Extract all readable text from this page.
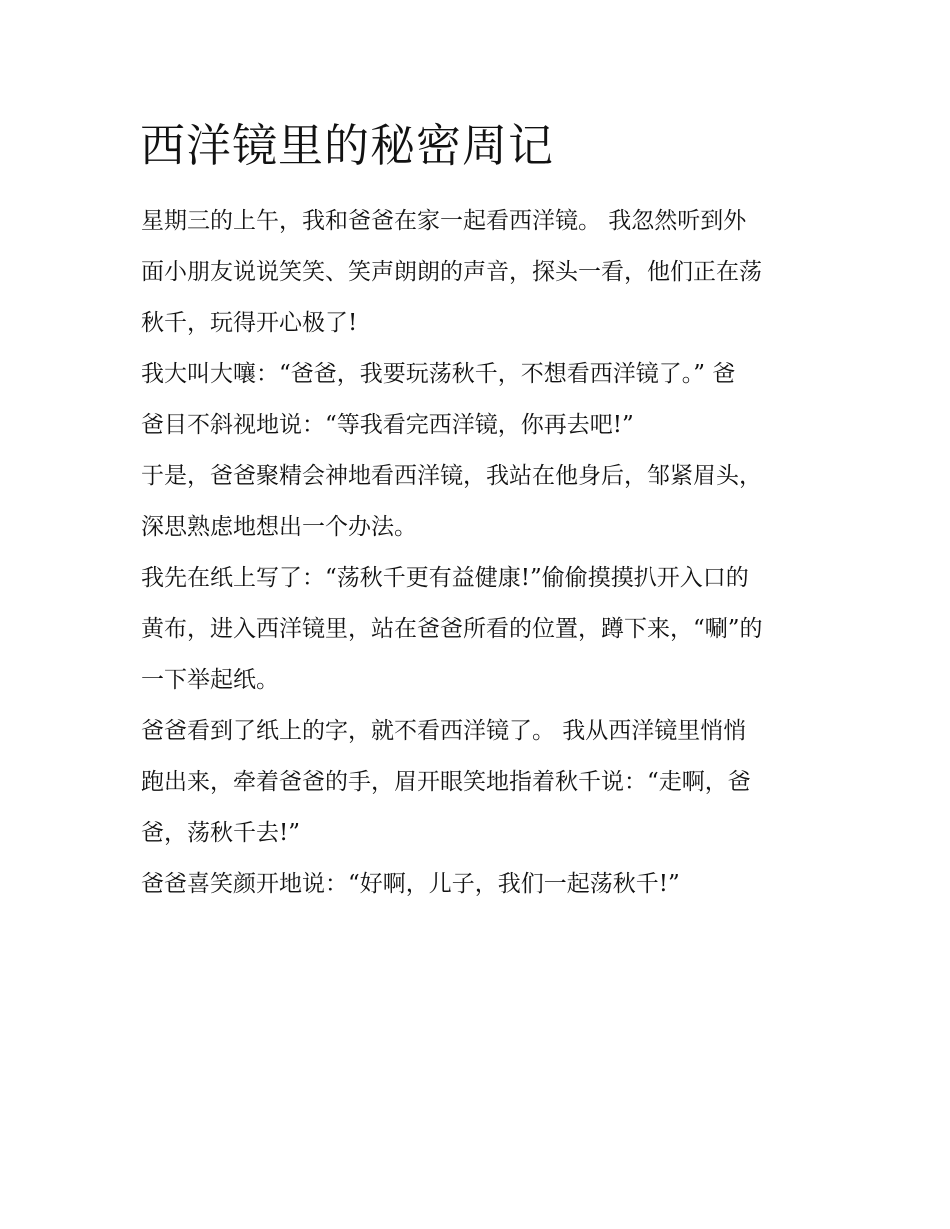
西洋镜里的秘密周记
星期三的上午，我和爸爸在家一起看西洋镜。 我忽然听到外
面小朋友说说笑笑、笑声朗朗的声音，探头一看，他们正在荡
秋千，玩得开心极了!
我大叫大嚷：“爸爸，我要玩荡秋千，不想看西洋镜了。” 爸
爸目不斜视地说：“等我看完西洋镜，你再去吧!”
于是，爸爸聚精会神地看西洋镜，我站在他身后，邹紧眉头，
深思熟虑地想出一个办法。
我先在纸上写了：“荡秋千更有益健康!”偷偷摸摸扒开入口的
黄布，进入西洋镜里，站在爸爸所看的位置，蹲下来，“唰”的
一下举起纸。
爸爸看到了纸上的字，就不看西洋镜了。 我从西洋镜里悄悄
跑出来，牵着爸爸的手，眉开眼笑地指着秋千说：“走啊，爸
爸，荡秋千去!”
爸爸喜笑颜开地说：“好啊，儿子，我们一起荡秋千!”
